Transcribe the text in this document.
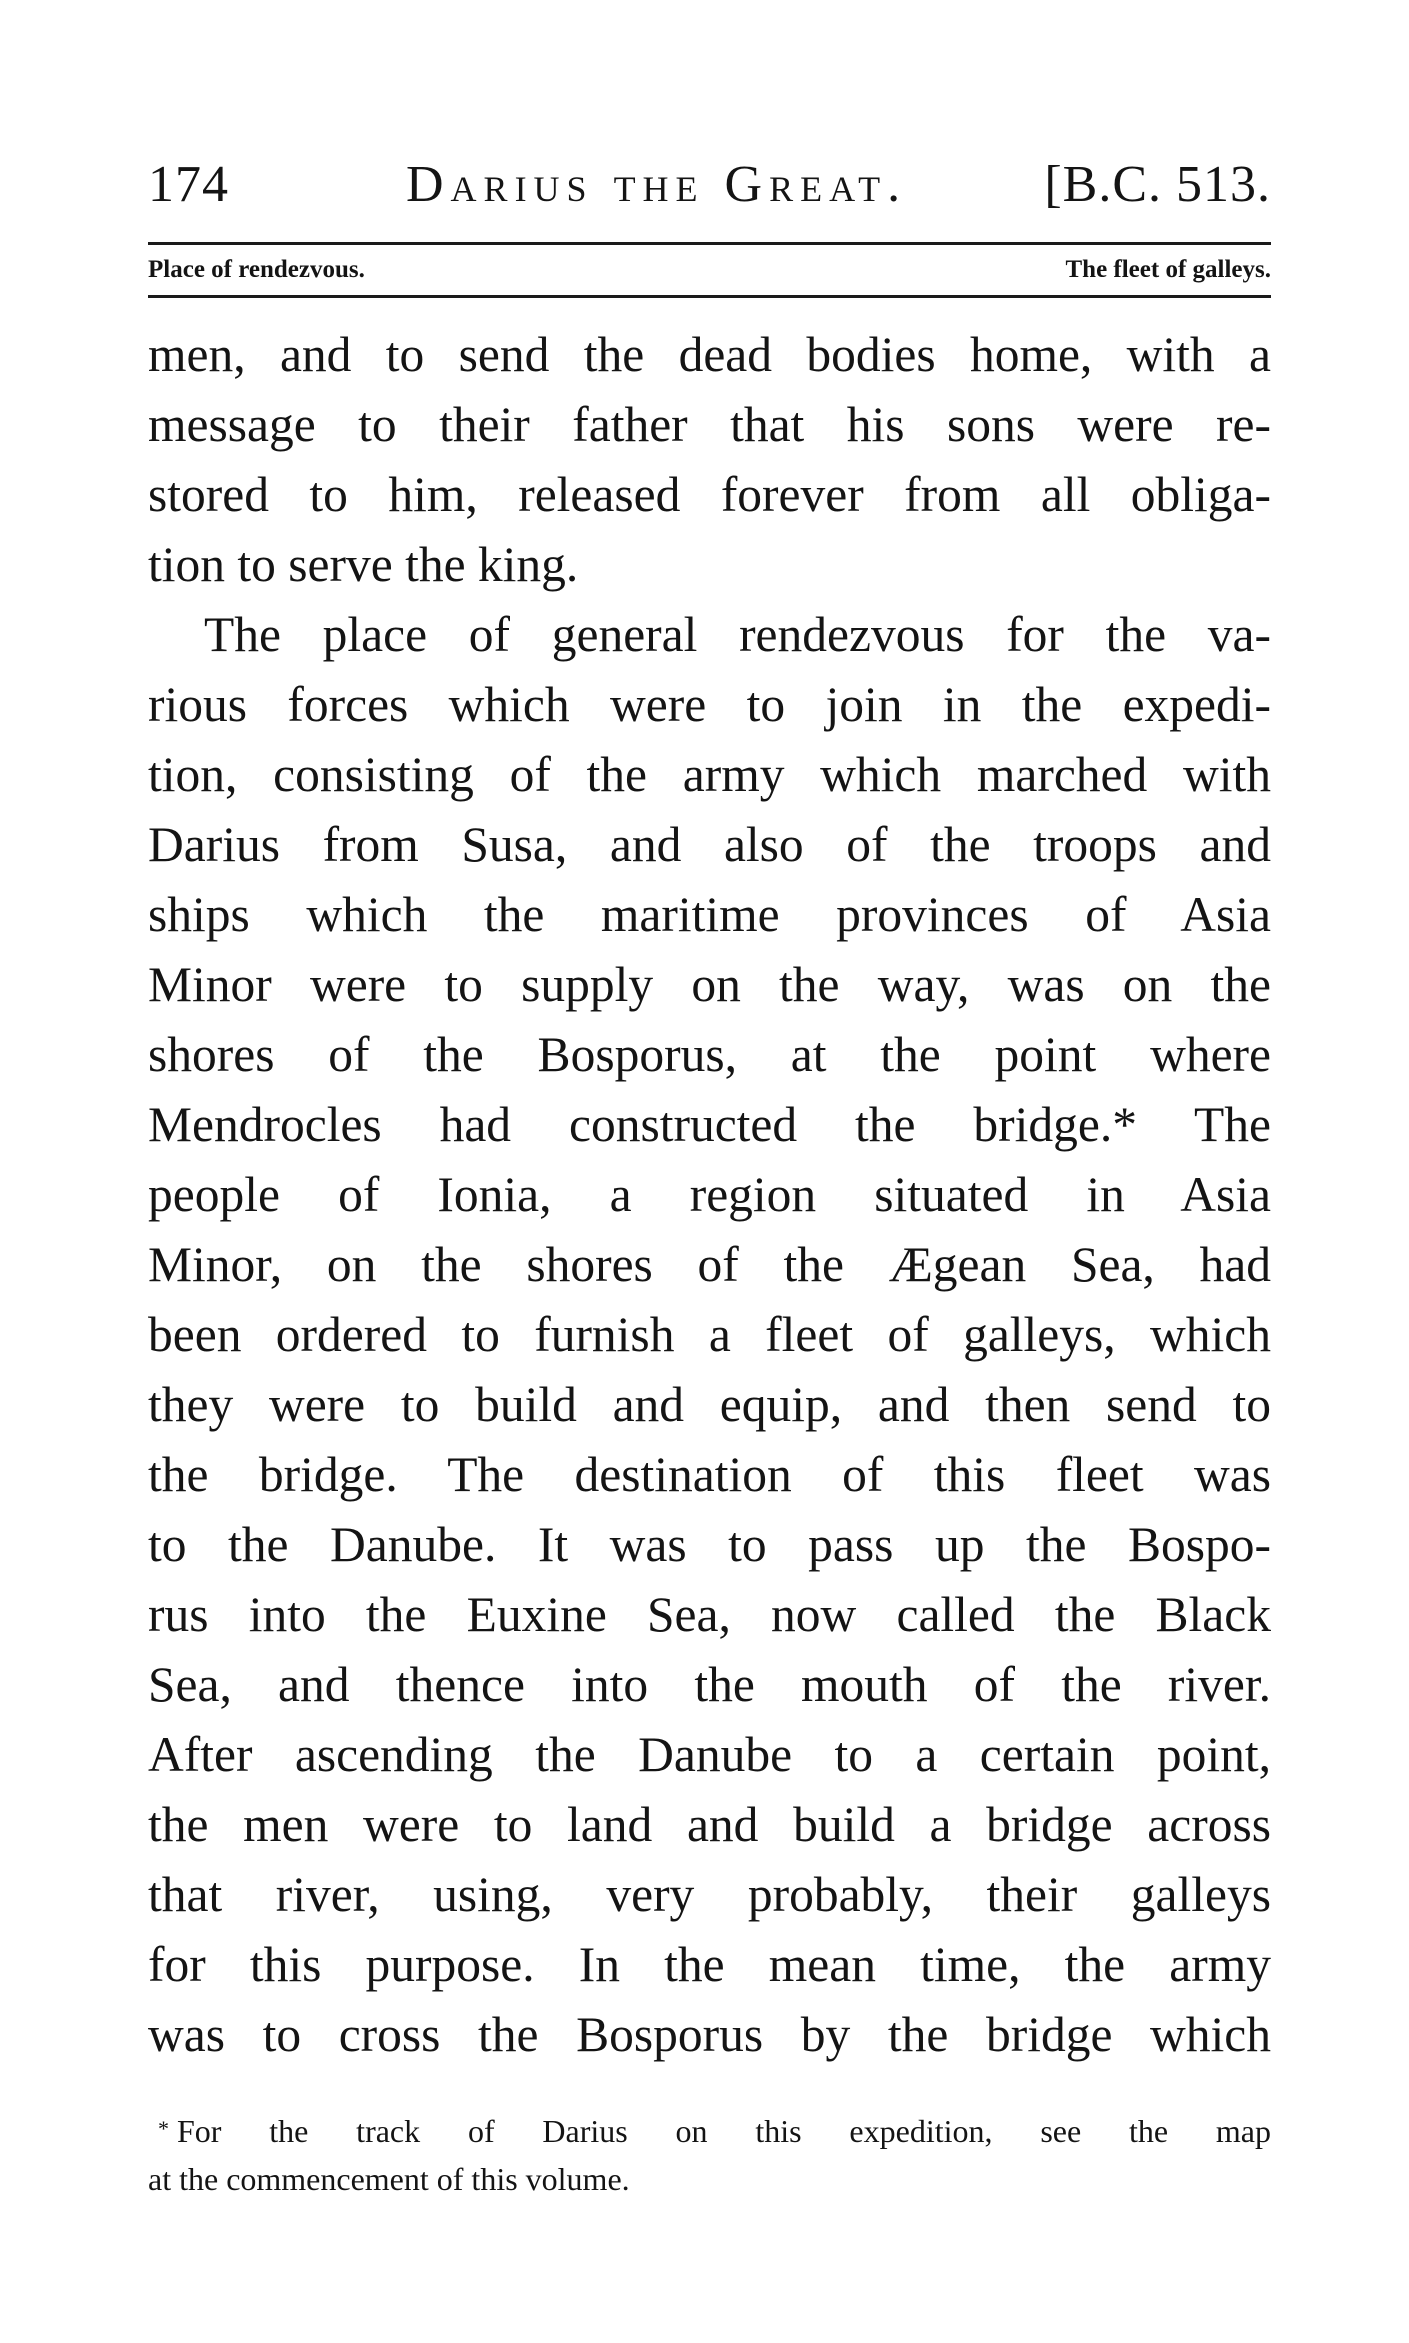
174	Darius the Great.	[B.C. 513.
Place of rendezvous.	The fleet of galleys.
men, and to send the dead bodies home, with a
message to their father that his sons were re-
stored to him, released forever from all obliga-
tion to serve the king.
The place of general rendezvous for the va-
rious forces which were to join in the expedi-
tion, consisting of the army which marched with
Darius from Susa, and also of the troops and
ships which the maritime provinces of Asia
Minor were to supply on the way, was on the
shores of the Bosporus, at the point where
Mendrocles had constructed the bridge.* The
people of Ionia, a region situated in Asia
Minor, on the shores of the Ægean Sea, had
been ordered to furnish a fleet of galleys, which
they were to build and equip, and then send to
the bridge. The destination of this fleet was
to the Danube. It was to pass up the Bospo-
rus into the Euxine Sea, now called the Black
Sea, and thence into the mouth of the river.
After ascending the Danube to a certain point,
the men were to land and build a bridge across
that river, using, very probably, their galleys
for this purpose. In the mean time, the army
was to cross the Bosporus by the bridge which
* For the track of Darius on this expedition, see the map
at the commencement of this volume.
